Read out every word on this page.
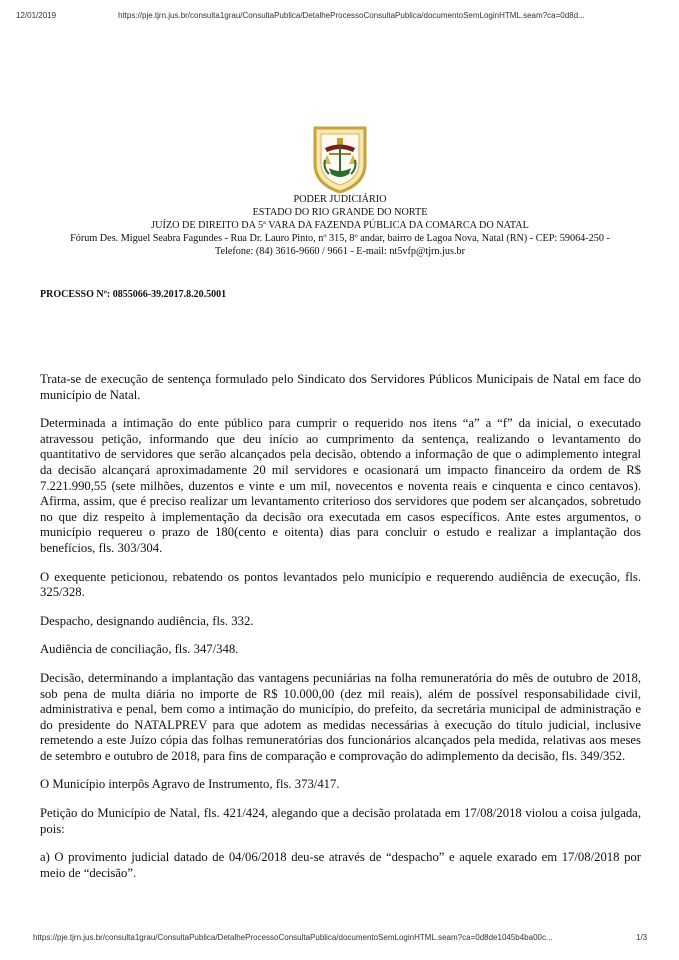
12/01/2019	https://pje.tjrn.jus.br/consulta1grau/ConsultaPublica/DetalheProcessoConsultaPublica/documentoSemLoginHTML.seam?ca=0d8d...
PODER JUDICIÁRIO
ESTADO DO RIO GRANDE DO NORTE
JUÍZO DE DIREITO DA 5ª VARA DA FAZENDA PÚBLICA DA COMARCA DO NATAL
Fórum Des. Miguel Seabra Fagundes - Rua Dr. Lauro Pinto, nº 315, 8º andar, bairro de Lagoa Nova, Natal (RN) - CEP: 59064-250 -
Telefone: (84) 3616-9660 / 9661 - E-mail: nt5vfp@tjrn.jus.br
PROCESSO Nº: 0855066-39.2017.8.20.5001

Trata-se de execução de sentença formulado pelo Sindicato dos Servidores Públicos Municipais de Natal em face do município de Natal.

Determinada a intimação do ente público para cumprir o requerido nos itens “a” a “f” da inicial, o executado atravessou petição, informando que deu início ao cumprimento da sentença, realizando o levantamento do quantitativo de servidores que serão alcançados pela decisão, obtendo a informação de que o adimplemento integral da decisão alcançará aproximadamente 20 mil servidores e ocasionará um impacto financeiro da ordem de R$ 7.221.990,55 (sete milhões, duzentos e vinte e um mil, novecentos e noventa reais e cinquenta e cinco centavos). Afirma, assim, que é preciso realizar um levantamento criterioso dos servidores que podem ser alcançados, sobretudo no que diz respeito à implementação da decisão ora executada em casos específicos. Ante estes argumentos, o município requereu o prazo de 180(cento e oitenta) dias para concluir o estudo e realizar a implantação dos benefícios, fls. 303/304.

O exequente peticionou, rebatendo os pontos levantados pelo município e requerendo audiência de execução, fls. 325/328.

Despacho, designando audiência, fls. 332.

Audiência de conciliação, fls. 347/348.

Decisão, determinando a implantação das vantagens pecuniárias na folha remuneratória do mês de outubro de 2018, sob pena de multa diária no importe de R$ 10.000,00 (dez mil reais), além de possível responsabilidade civil, administrativa e penal, bem como a intimação do município, do prefeito, da secretária municipal de administração e do presidente do NATALPREV para que adotem as medidas necessárias à execução do título judicial, inclusive remetendo a este Juízo cópia das folhas remuneratórias dos funcionários alcançados pela medida, relativas aos meses de setembro e outubro de 2018, para fins de comparação e comprovação do adimplemento da decisão, fls. 349/352.

O Município interpôs Agravo de Instrumento, fls. 373/417.

Petição do Município de Natal, fls. 421/424, alegando que a decisão prolatada em 17/08/2018 violou a coisa julgada, pois:

a) O provimento judicial datado de 04/06/2018 deu-se através de “despacho” e aquele exarado em 17/08/2018 por meio de “decisão”.

https://pje.tjrn.jus.br/consulta1grau/ConsultaPublica/DetalheProcessoConsultaPublica/documentoSemLoginHTML.seam?ca=0d8de1045b4ba00c...	1/3
